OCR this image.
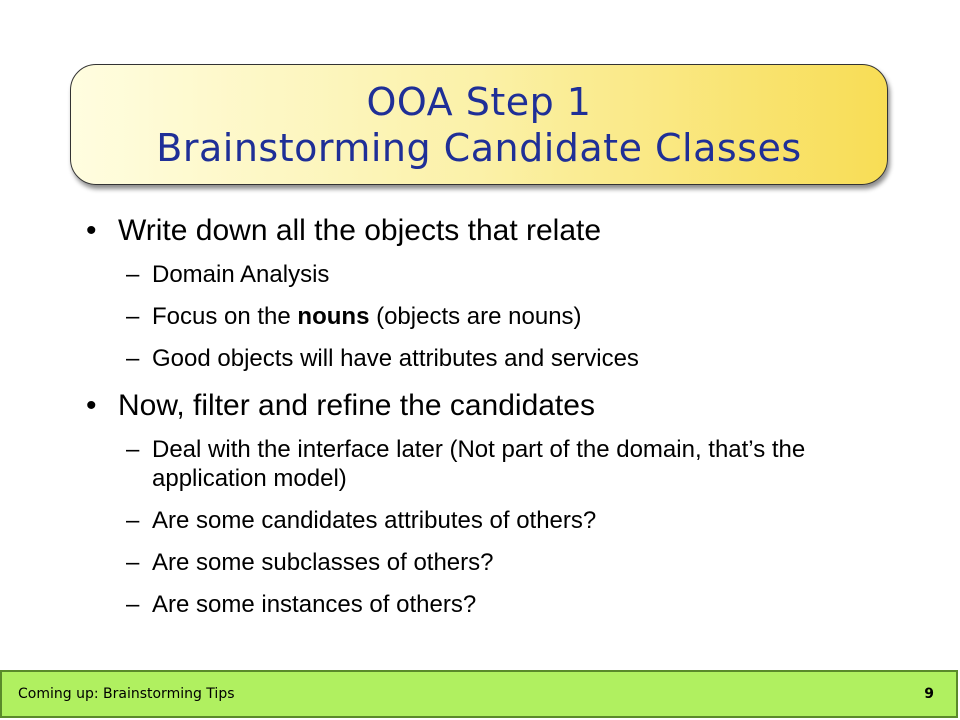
OOA Step 1
Brainstorming Candidate Classes
• Write down all the objects that relate
– Domain Analysis
– Focus on the nouns (objects are nouns)
– Good objects will have attributes and services
• Now, filter and refine the candidates
– Deal with the interface later (Not part of the domain, that’s the application model)
– Are some candidates attributes of others?
– Are some subclasses of others?
– Are some instances of others?
Coming up: Brainstorming Tips	9
